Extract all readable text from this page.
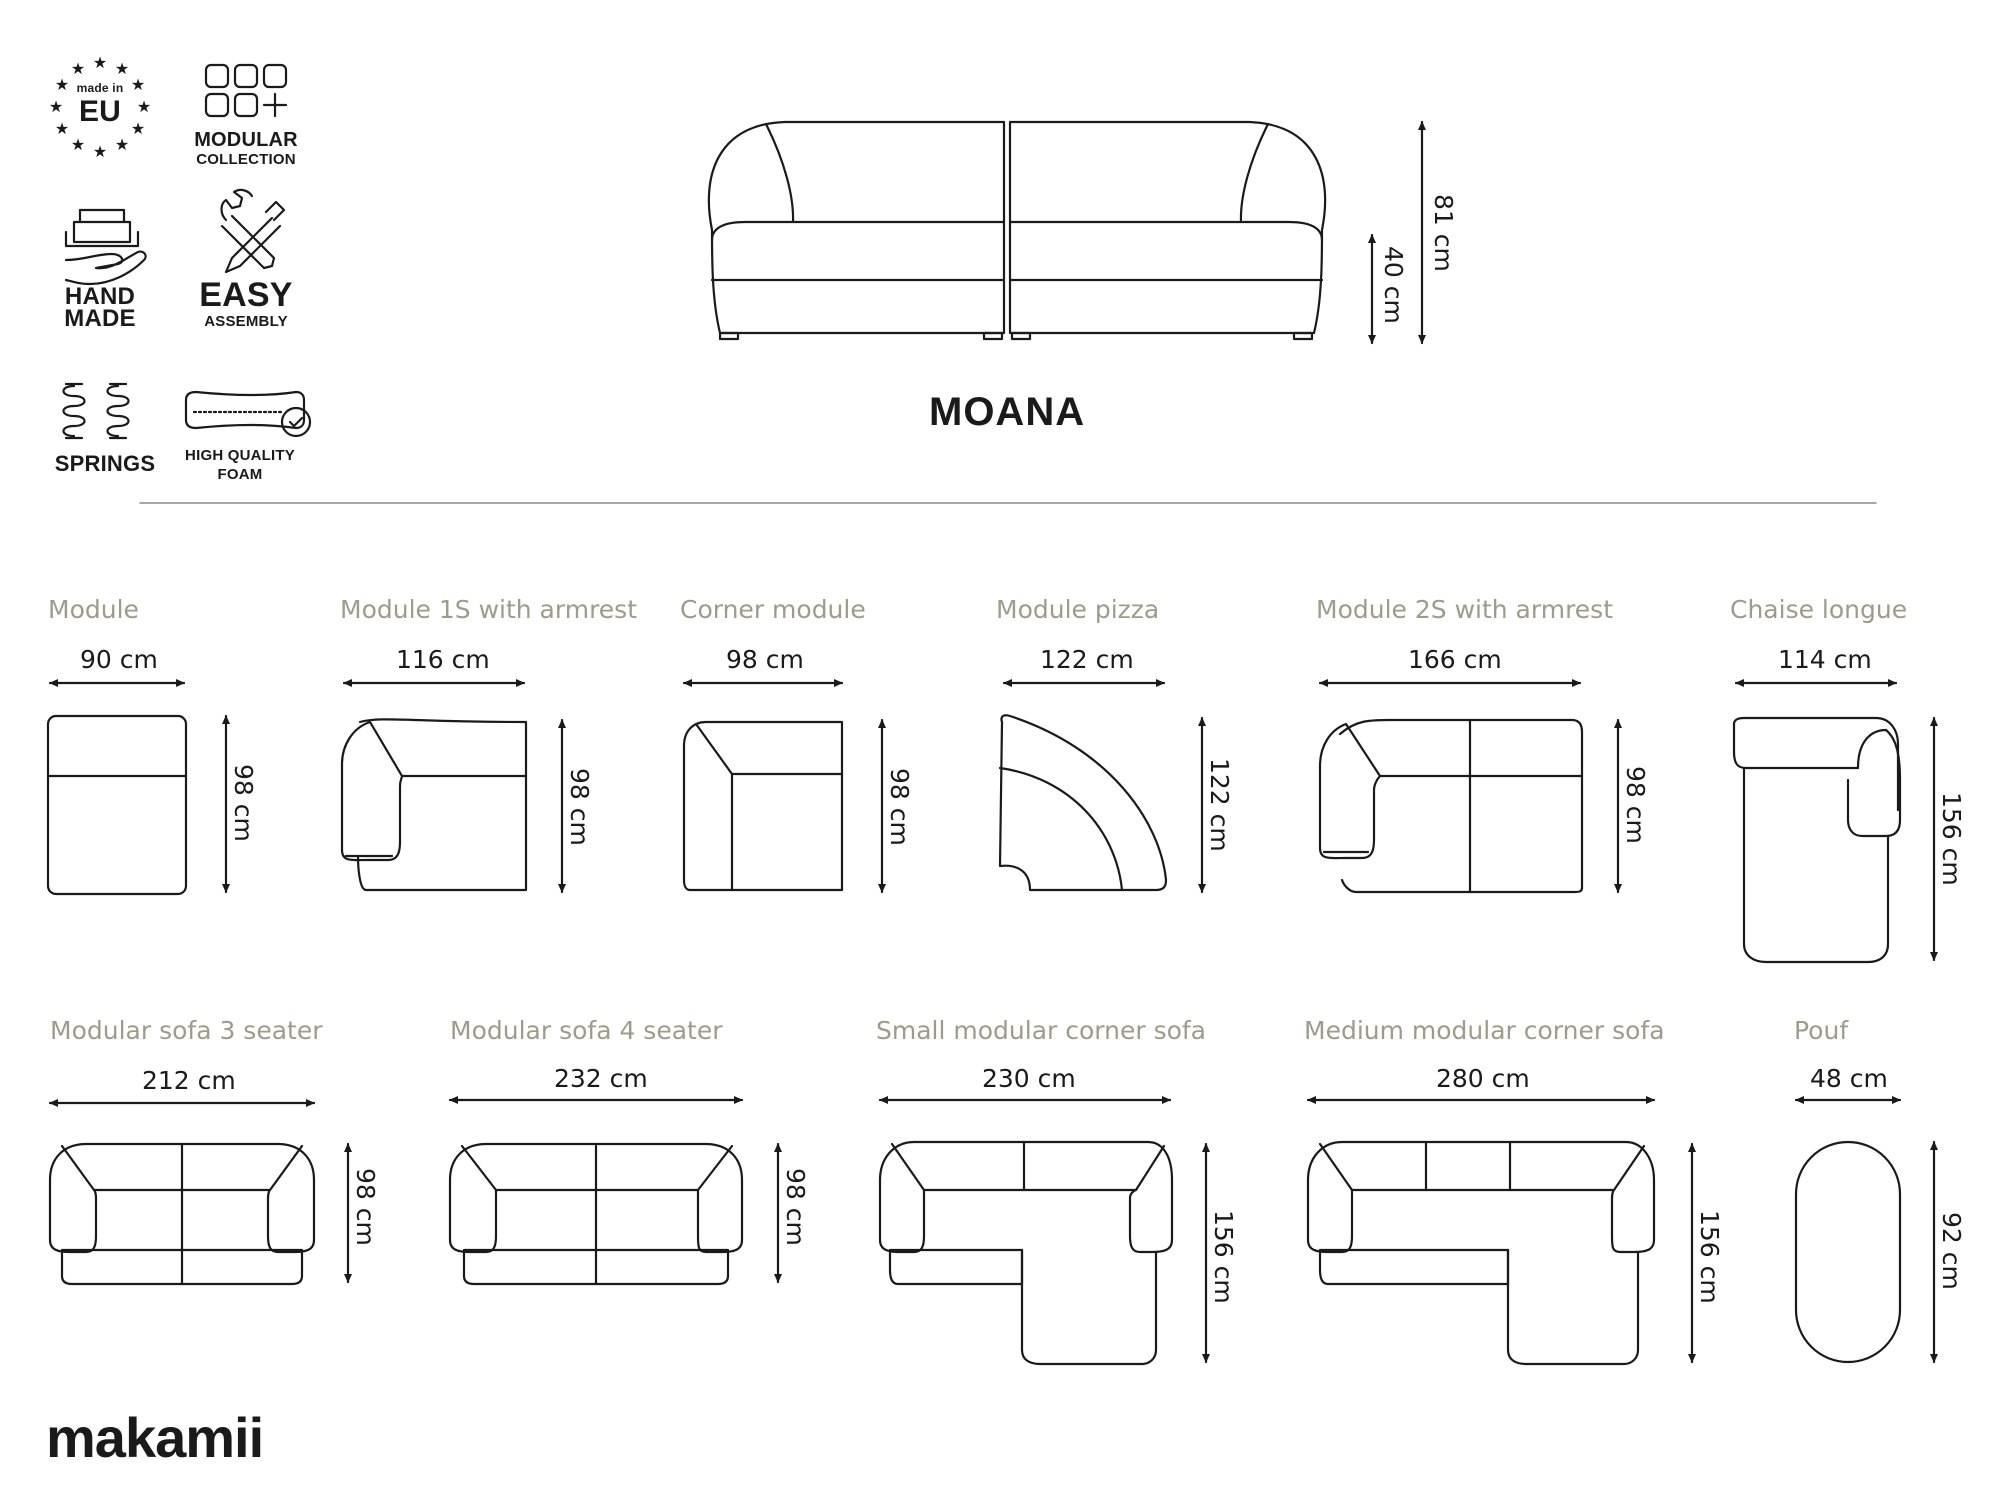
★ ★
★
★
★
★
★
★
★
★
★
★
made in
EU
MODULAR
COLLECTION
HAND
MADE
EASY
ASSEMBLY
SPRINGS	HIGH QUALITY
FOAM
MOANA
81 cm
40 cm
Module
90 cm
98 cm
Module 1S with armrest
116 cm
98 cm
Corner module
98 cm
98 cm
Module pizza
122 cm
122 cm
Module 2S with armrest
166 cm
98 cm
Chaise longue
114 cm
156 cm
Modular sofa 3 seater
212 cm
98 cm
Modular sofa 4 seater
232 cm
98 cm
Small modular corner sofa
230 cm
156 cm
Medium modular corner sofa
280 cm
156 cm
Pouf
48 cm
92 cm
makamii
